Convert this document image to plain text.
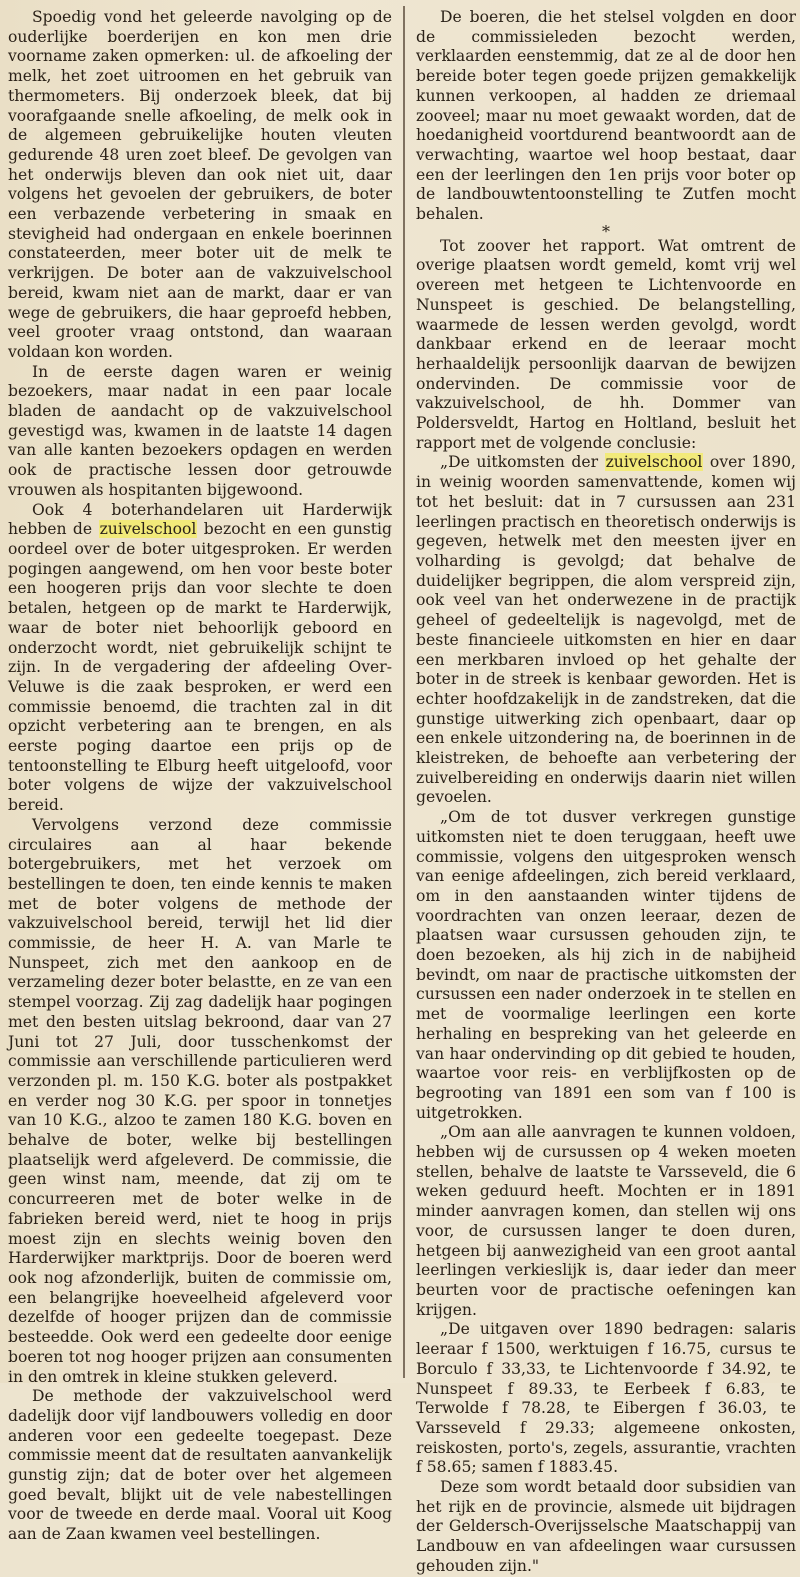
Spoedig vond het geleerde navolging op de ouderlijke boerderijen en kon men drie voorname zaken opmerken: ul. de afkoeling der melk, het zoet uitroomen en het gebruik van thermometers. Bij onderzoek bleek, dat bij voorafgaande snelle afkoeling, de melk ook in de algemeen gebruikelijke houten vleuten gedurende 48 uren zoet bleef. De gevolgen van het onderwijs bleven dan ook niet uit, daar volgens het gevoelen der gebruikers, de boter een verbazende verbetering in smaak en stevigheid had ondergaan en enkele boerinnen constateerden, meer boter uit de melk te verkrijgen. De boter aan de vakzuivelschool bereid, kwam niet aan de markt, daar er van wege de gebruikers, die haar geproefd hebben, veel grooter vraag ontstond, dan waaraan voldaan kon worden.

In de eerste dagen waren er weinig bezoekers, maar nadat in een paar locale bladen de aandacht op de vakzuivelschool gevestigd was, kwamen in de laatste 14 dagen van alle kanten bezoekers opdagen en werden ook de practische lessen door getrouwde vrouwen als hospitanten bijgewoond.

Ook 4 boterhandelaren uit Harderwijk hebben de zuivelschool bezocht en een gunstig oordeel over de boter uitgesproken. Er werden pogingen aangewend, om hen voor beste boter een hoogeren prijs dan voor slechte te doen betalen, hetgeen op de markt te Harderwijk, waar de boter niet behoorlijk geboord en onderzocht wordt, niet gebruikelijk schijnt te zijn. In de vergadering der afdeeling Over-Veluwe is die zaak besproken, er werd een commissie benoemd, die trachten zal in dit opzicht verbetering aan te brengen, en als eerste poging daartoe een prijs op de tentoonstelling te Elburg heeft uitgeloofd, voor boter volgens de wijze der vakzuivelschool bereid.

Vervolgens verzond deze commissie circulaires aan al haar bekende botergebruikers, met het verzoek om bestellingen te doen, ten einde kennis te maken met de boter volgens de methode der vakzuivelschool bereid, terwijl het lid dier commissie, de heer H. A. van Marle te Nunspeet, zich met den aankoop en de verzameling dezer boter belastte, en ze van een stempel voorzag. Zij zag dadelijk haar pogingen met den besten uitslag bekroond, daar van 27 Juni tot 27 Juli, door tusschenkomst der commissie aan verschillende particulieren werd verzonden pl. m. 150 K.G. boter als postpakket en verder nog 30 K.G. per spoor in tonnetjes van 10 K.G., alzoo te zamen 180 K.G. boven en behalve de boter, welke bij bestellingen plaatselijk werd afgeleverd. De commissie, die geen winst nam, meende, dat zij om te concurreeren met de boter welke in de fabrieken bereid werd, niet te hoog in prijs moest zijn en slechts weinig boven den Harderwijker marktprijs. Door de boeren werd ook nog afzonderlijk, buiten de commissie om, een belangrijke hoeveelheid afgeleverd voor dezelfde of hooger prijzen dan de commissie besteedde. Ook werd een gedeelte door eenige boeren tot nog hooger prijzen aan consumenten in den omtrek in kleine stukken geleverd.

De methode der vakzuivelschool werd dadelijk door vijf landbouwers volledig en door anderen voor een gedeelte toegepast. Deze commissie meent dat de resultaten aanvankelijk gunstig zijn; dat de boter over het algemeen goed bevalt, blijkt uit de vele nabestellingen voor de tweede en derde maal. Vooral uit Koog aan de Zaan kwamen veel bestellingen.

De boeren, die het stelsel volgden en door de commissieleden bezocht werden, verklaarden eenstemmig, dat ze al de door hen bereide boter tegen goede prijzen gemakkelijk kunnen verkoopen, al hadden ze driemaal zooveel; maar nu moet gewaakt worden, dat de hoedanigheid voortdurend beantwoordt aan de verwachting, waartoe wel hoop bestaat, daar een der leerlingen den 1en prijs voor boter op de landbouwtentoonstelling te Zutfen mocht behalen.

*

Tot zoover het rapport. Wat omtrent de overige plaatsen wordt gemeld, komt vrij wel overeen met hetgeen te Lichtenvoorde en Nunspeet is geschied. De belangstelling, waarmede de lessen werden gevolgd, wordt dankbaar erkend en de leeraar mocht herhaaldelijk persoonlijk daarvan de bewijzen ondervinden. De commissie voor de vakzuivelschool, de hh. Dommer van Poldersveldt, Hartog en Holtland, besluit het rapport met de volgende conclusie:

„De uitkomsten der zuivelschool over 1890, in weinig woorden samenvattende, komen wij tot het besluit: dat in 7 cursussen aan 231 leerlingen practisch en theoretisch onderwijs is gegeven, hetwelk met den meesten ijver en volharding is gevolgd; dat behalve de duidelijker begrippen, die alom verspreid zijn, ook veel van het onderwezene in de practijk geheel of gedeeltelijk is nagevolgd, met de beste financieele uitkomsten en hier en daar een merkbaren invloed op het gehalte der boter in de streek is kenbaar geworden. Het is echter hoofdzakelijk in de zandstreken, dat die gunstige uitwerking zich openbaart, daar op een enkele uitzondering na, de boerinnen in de kleistreken, de behoefte aan verbetering der zuivelbereiding en onderwijs daarin niet willen gevoelen.

„Om de tot dusver verkregen gunstige uitkomsten niet te doen teruggaan, heeft uwe commissie, volgens den uitgesproken wensch van eenige afdeelingen, zich bereid verklaard, om in den aanstaanden winter tijdens de voordrachten van onzen leeraar, dezen de plaatsen waar cursussen gehouden zijn, te doen bezoeken, als hij zich in de nabijheid bevindt, om naar de practische uitkomsten der cursussen een nader onderzoek in te stellen en met de voormalige leerlingen een korte herhaling en bespreking van het geleerde en van haar ondervinding op dit gebied te houden, waartoe voor reis- en verblijfkosten op de begrooting van 1891 een som van f 100 is uitgetrokken.

„Om aan alle aanvragen te kunnen voldoen, hebben wij de cursussen op 4 weken moeten stellen, behalve de laatste te Varsseveld, die 6 weken geduurd heeft. Mochten er in 1891 minder aanvragen komen, dan stellen wij ons voor, de cursussen langer te doen duren, hetgeen bij aanwezigheid van een groot aantal leerlingen verkieslijk is, daar ieder dan meer beurten voor de practische oefeningen kan krijgen.

„De uitgaven over 1890 bedragen: salaris leeraar f 1500, werktuigen f 16.75, cursus te Borculo f 33,33, te Lichtenvoorde f 34.92, te Nunspeet f 89.33, te Eerbeek f 6.83, te Terwolde f 78.28, te Eibergen f 36.03, te Varsseveld f 29.33; algemeene onkosten, reiskosten, porto's, zegels, assurantie, vrachten f 58.65; samen f 1883.45.

Deze som wordt betaald door subsidien van het rijk en de provincie, alsmede uit bijdragen der Geldersch-Overijsselsche Maatschappij van Landbouw en van afdeelingen waar cursussen gehouden zijn."
